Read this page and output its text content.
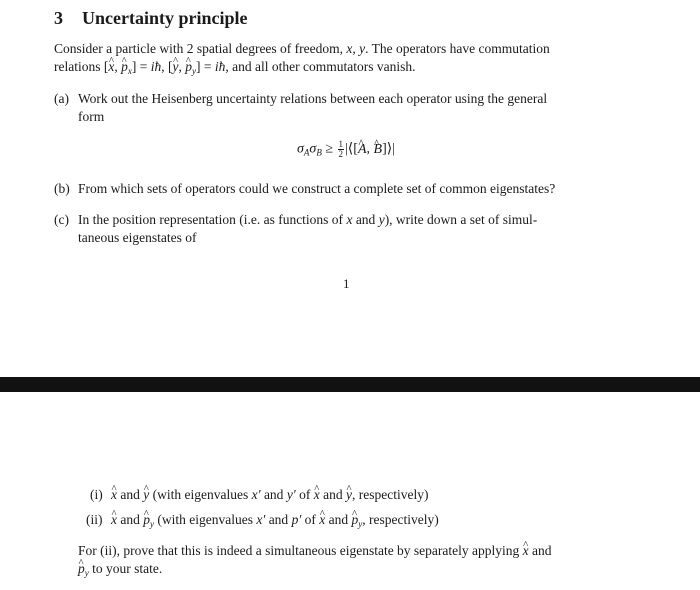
3 Uncertainty principle
Consider a particle with 2 spatial degrees of freedom, x, y. The operators have commutation
relations [^ x, ^ $p_x$] = iħ, [^ y, ^ $p_y$] = iħ, and all other commutators vanish.
(a) Work out the Heisenberg uncertainty relations between each operator using the general
form
$\sigma_A\sigma_B \ge \frac{1}{2}$ |⟨[^ A, ^ B]⟩|
(b) From which sets of operators could we construct a complete set of common eigenstates?
(c) In the position representation (i.e. as functions of x and y), write down a set of simul-
taneous eigenstates of
1
(i) ^ x and ^ y (with eigenvalues x′ and y′ of ^ x and ^ y, respectively)
(ii) ^ x and ^ $p_y$ (with eigenvalues x′ and p′ of ^ x and ^ $p_y$, respectively)
For (ii), prove that this is indeed a simultaneous eigenstate by separately applying ^ x and
^ $p_y$ to your state.
